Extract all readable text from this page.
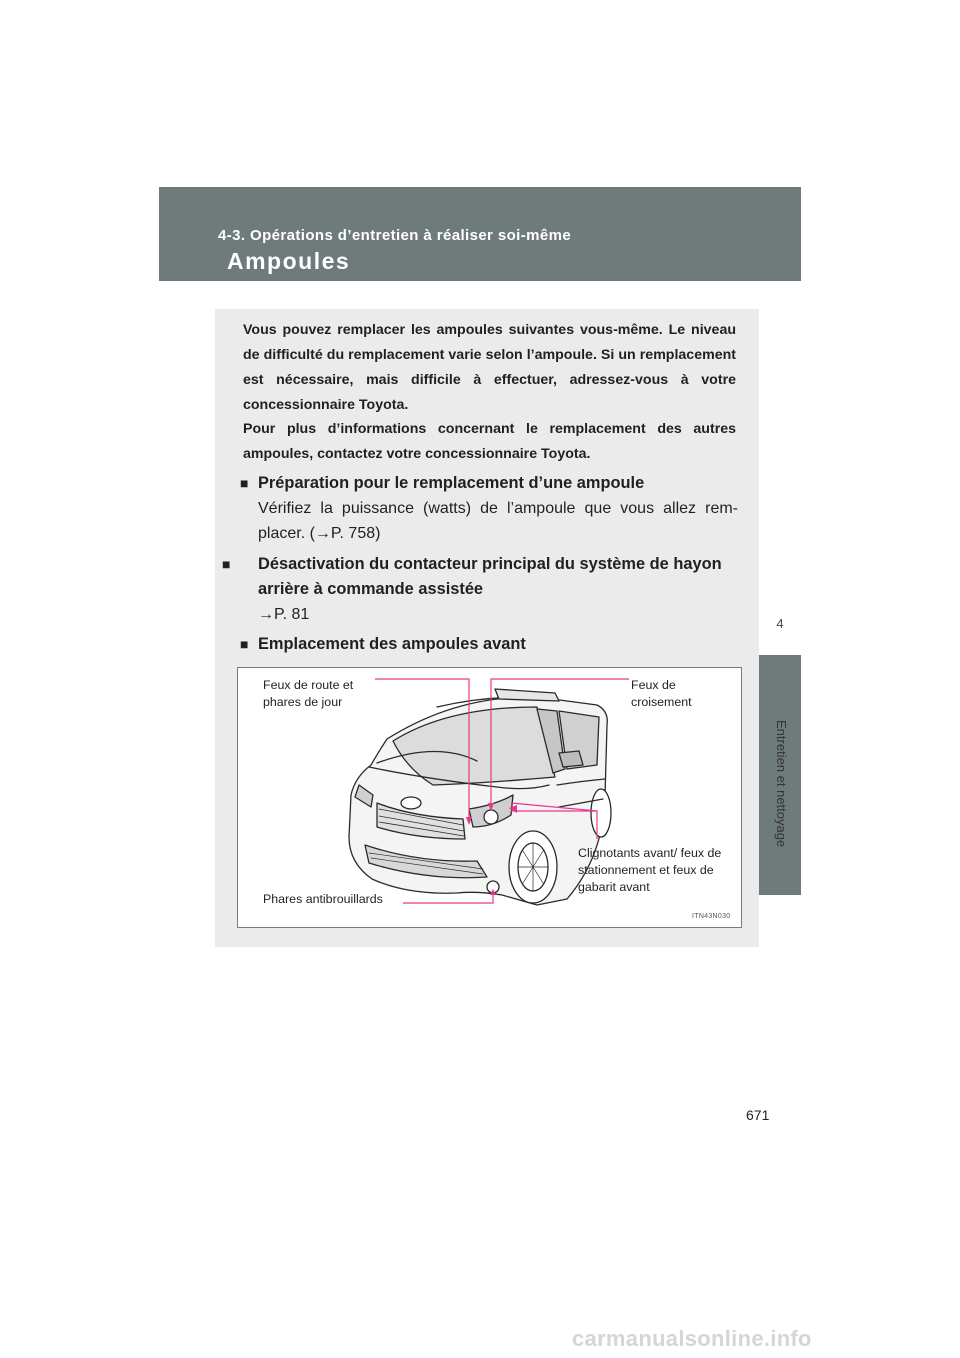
4-3. Opérations d’entretien à réaliser soi-même
Ampoules
4
Entretien et nettoyage

Vous pouvez remplacer les ampoules suivantes vous-même. Le niveau de difficulté du remplacement varie selon l’ampoule. Si un remplacement est nécessaire, mais difficile à effectuer, adressez-vous à votre concessionnaire Toyota.

Pour plus d’informations concernant le remplacement des autres ampoules, contactez votre concessionnaire Toyota.

■ Préparation pour le remplacement d’une ampoule

Vérifiez la puissance (watts) de l’ampoule que vous allez rem-placer. (→P. 758)

■ Désactivation du contacteur principal du système de hayon arrière à commande assistée

→P. 81

■ Emplacement des ampoules avant
Feux de route et phares de jour
Feux de croisement
Clignotants avant/ feux de stationnement et feux de gabarit avant
Phares antibrouillards
ITN43N030
671
carmanualsonline.info
